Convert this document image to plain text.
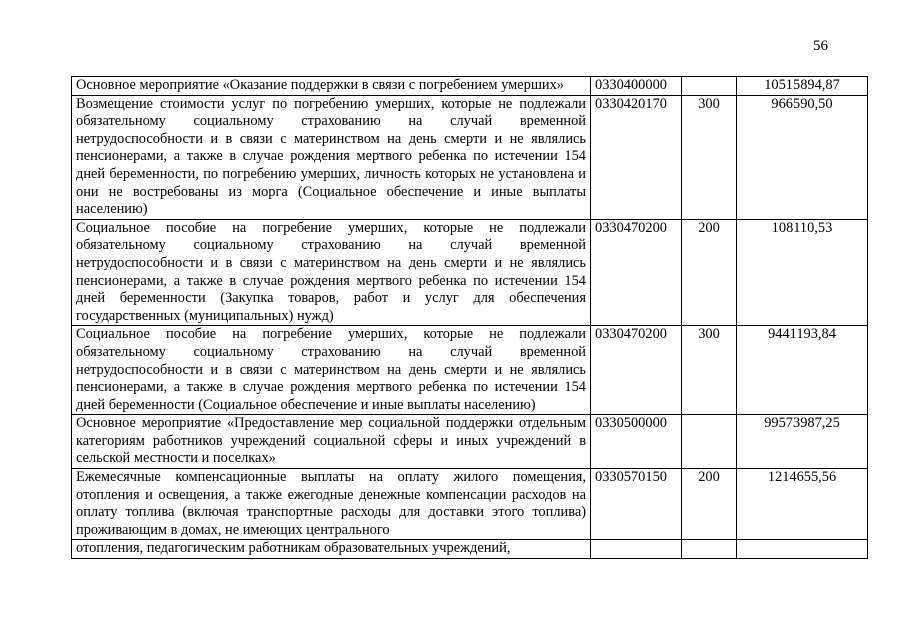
56
Основное мероприятие «Оказание поддержки в связи с погребением умерших»	0330400000		10515894,87
Возмещение стоимости услуг по погребению умерших, которые не подлежали обязательному социальному страхованию на случай временной нетрудоспособности и в связи с материнством на день смерти и не являлись пенсионерами, а также в случае рождения мертвого ребенка по истечении 154 дней беременности, по погребению умерших, личность которых не установлена и они не востребованы из морга (Социальное обеспечение и иные выплаты населению)	0330420170	300	966590,50
Социальное пособие на погребение умерших, которые не подлежали обязательному социальному страхованию на случай временной нетрудоспособности и в связи с материнством на день смерти и не являлись пенсионерами, а также в случае рождения мертвого ребенка по истечении 154 дней беременности (Закупка товаров, работ и услуг для обеспечения государственных (муниципальных) нужд)	0330470200	200	108110,53
Социальное пособие на погребение умерших, которые не подлежали обязательному социальному страхованию на случай временной нетрудоспособности и в связи с материнством на день смерти и не являлись пенсионерами, а также в случае рождения мертвого ребенка по истечении 154 дней беременности (Социальное обеспечение и иные выплаты населению)	0330470200	300	9441193,84
Основное мероприятие «Предоставление мер социальной поддержки отдельным категориям работников учреждений социальной сферы и иных учреждений в сельской местности и поселках»	0330500000		99573987,25
Ежемесячные компенсационные выплаты на оплату жилого помещения, отопления и освещения, а также ежегодные денежные компенсации расходов на оплату топлива (включая транспортные расходы для доставки этого топлива) проживающим в домах, не имеющих центрального	0330570150	200	1214655,56
отопления, педагогическим работникам образовательных учреждений,			
